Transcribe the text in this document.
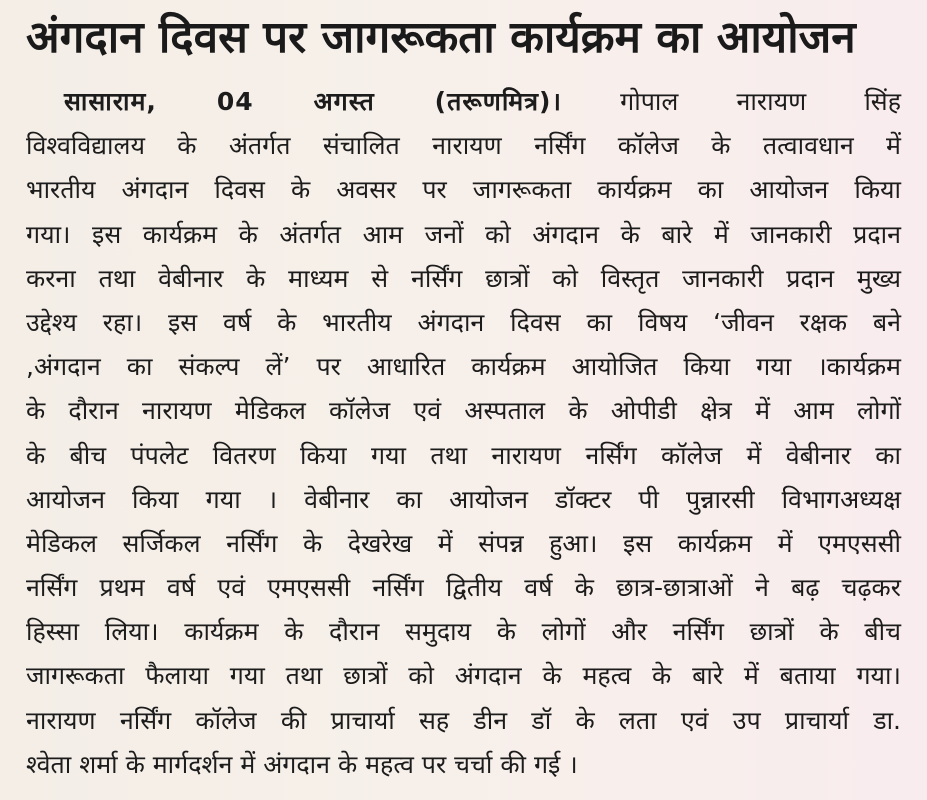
अंगदान दिवस पर जागरूकता कार्यक्रम का आयोजन
सासाराम, 04 अगस्त (तरूणमित्र)। गोपाल नारायण सिंह
विश्वविद्यालय के अंतर्गत संचालित नारायण नर्सिंग कॉलेज के तत्वावधान में
भारतीय अंगदान दिवस के अवसर पर जागरूकता कार्यक्रम का आयोजन किया
गया। इस कार्यक्रम के अंतर्गत आम जनों को अंगदान के बारे में जानकारी प्रदान
करना तथा वेबीनार के माध्यम से नर्सिंग छात्रों को विस्तृत जानकारी प्रदान मुख्य
उद्देश्य रहा। इस वर्ष के भारतीय अंगदान दिवस का विषय ‘जीवन रक्षक बने
,अंगदान का संकल्प लें’ पर आधारित कार्यक्रम आयोजित किया गया ।कार्यक्रम
के दौरान नारायण मेडिकल कॉलेज एवं अस्पताल के ओपीडी क्षेत्र में आम लोगों
के बीच पंपलेट वितरण किया गया तथा नारायण नर्सिंग कॉलेज में वेबीनार का
आयोजन किया गया । वेबीनार का आयोजन डॉक्टर पी पुन्नारसी विभागअध्यक्ष
मेडिकल सर्जिकल नर्सिंग के देखरेख में संपन्न हुआ। इस कार्यक्रम में एमएससी
नर्सिंग प्रथम वर्ष एवं एमएससी नर्सिंग द्वितीय वर्ष के छात्र-छात्राओं ने बढ़ चढ़कर
हिस्सा लिया। कार्यक्रम के दौरान समुदाय के लोगों और नर्सिंग छात्रों के बीच
जागरूकता फैलाया गया तथा छात्रों को अंगदान के महत्व के बारे में बताया गया।
नारायण नर्सिंग कॉलेज की प्राचार्या सह डीन डॉ के लता एवं उप प्राचार्या डा.
श्वेता शर्मा के मार्गदर्शन में अंगदान के महत्व पर चर्चा की गई ।
